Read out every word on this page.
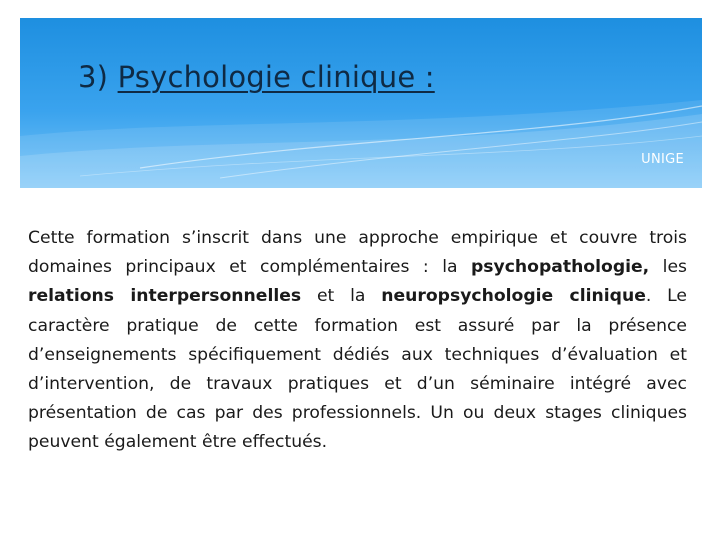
3) Psychologie clinique :
UNIGE

Cette formation s’inscrit dans une approche empirique et couvre trois domaines principaux et complémentaires : la psychopathologie, les relations interpersonnelles et la neuropsychologie clinique. Le caractère pratique de cette formation est assuré par la présence d’enseignements spécifiquement dédiés aux techniques d’évaluation et d’intervention, de travaux pratiques et d’un séminaire intégré avec présentation de cas par des professionnels. Un ou deux stages cliniques peuvent également être effectués.
